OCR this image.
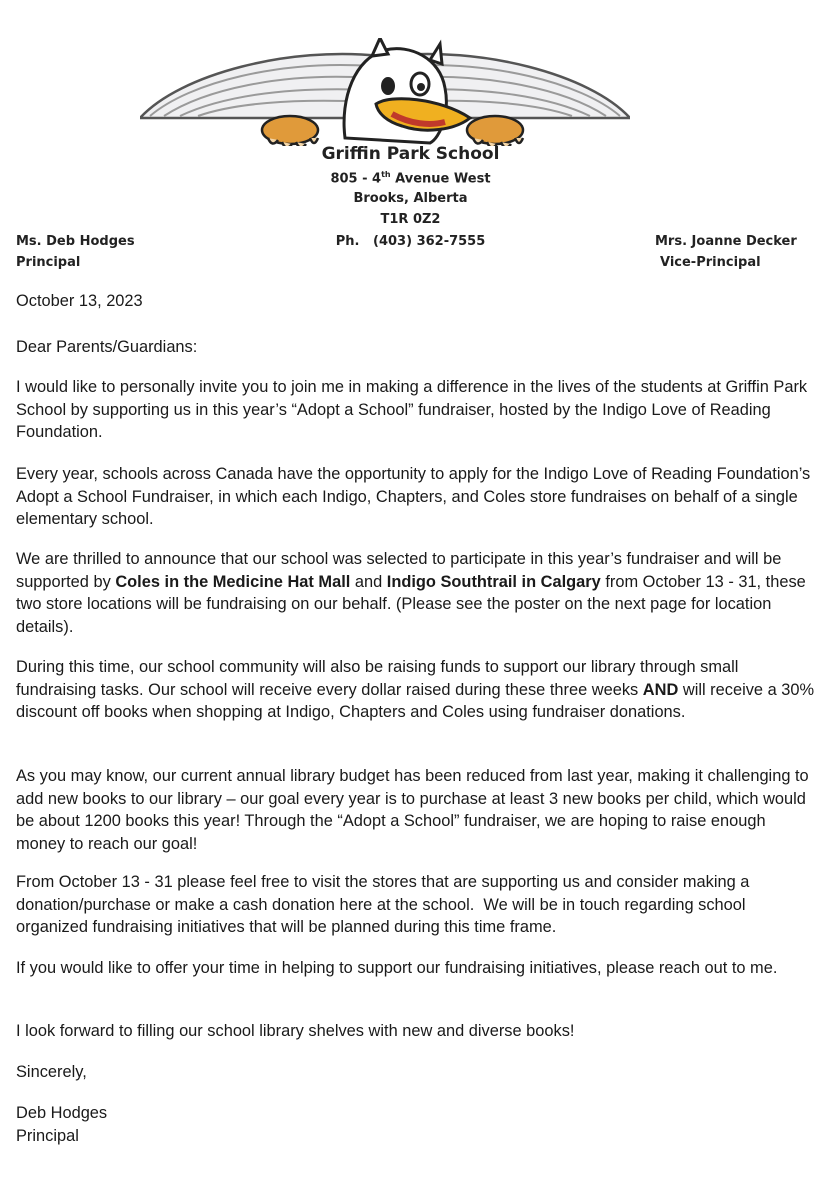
Griffin Park School
805 - 4th Avenue West
Brooks, Alberta
T1R 0Z2
Ph.   (403) 362-7555
Ms. Deb Hodges
Principal
Mrs. Joanne Decker
Vice-Principal
October 13, 2023
Dear Parents/Guardians:
I would like to personally invite you to join me in making a difference in the lives of the students at Griffin Park School by supporting us in this year’s “Adopt a School” fundraiser, hosted by the Indigo Love of Reading Foundation.
Every year, schools across Canada have the opportunity to apply for the Indigo Love of Reading Foundation’s Adopt a School Fundraiser, in which each Indigo, Chapters, and Coles store fundraises on behalf of a single elementary school.
We are thrilled to announce that our school was selected to participate in this year’s fundraiser and will be supported by Coles in the Medicine Hat Mall and Indigo Southtrail in Calgary from October 13 - 31, these two store locations will be fundraising on our behalf. (Please see the poster on the next page for location details).
During this time, our school community will also be raising funds to support our library through small fundraising tasks. Our school will receive every dollar raised during these three weeks AND will receive a 30% discount off books when shopping at Indigo, Chapters and Coles using fundraiser donations.
As you may know, our current annual library budget has been reduced from last year, making it challenging to add new books to our library – our goal every year is to purchase at least 3 new books per child, which would be about 1200 books this year! Through the “Adopt a School” fundraiser, we are hoping to raise enough money to reach our goal!
From October 13 - 31 please feel free to visit the stores that are supporting us and consider making a donation/purchase or make a cash donation here at the school.  We will be in touch regarding school organized fundraising initiatives that will be planned during this time frame.
If you would like to offer your time in helping to support our fundraising initiatives, please reach out to me.
I look forward to filling our school library shelves with new and diverse books!
Sincerely,
Deb Hodges
Principal
